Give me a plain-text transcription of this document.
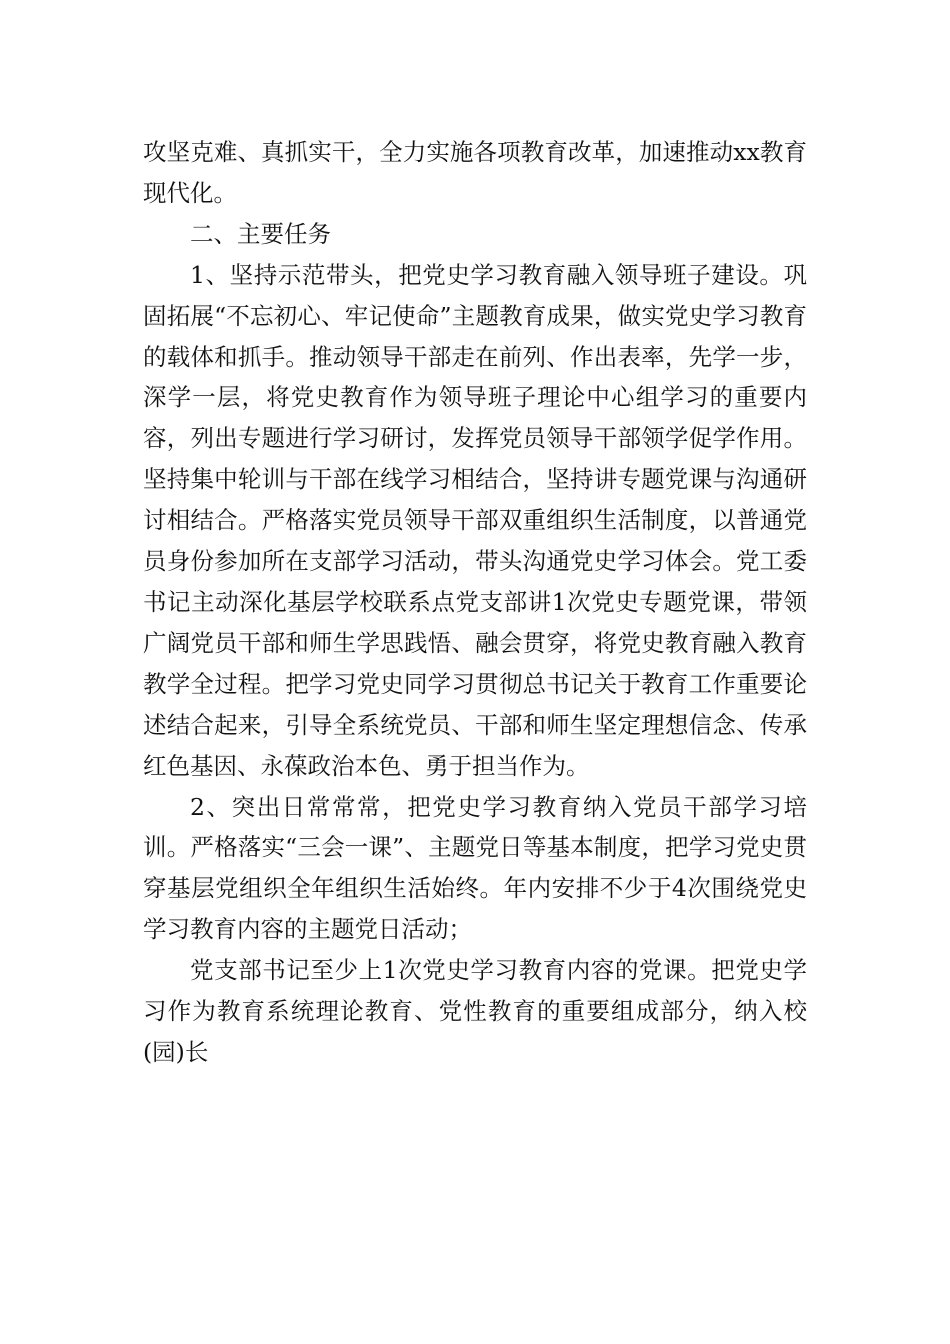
攻坚克难、真抓实干，全力实施各项教育改革，加速推动xx教育现代化。

二、主要任务

1、坚持示范带头，把党史学习教育融入领导班子建设。巩固拓展“不忘初心、牢记使命”主题教育成果，做实党史学习教育的载体和抓手。推动领导干部走在前列、作出表率，先学一步，深学一层，将党史教育作为领导班子理论中心组学习的重要内容，列出专题进行学习研讨，发挥党员领导干部领学促学作用。坚持集中轮训与干部在线学习相结合，坚持讲专题党课与沟通研讨相结合。严格落实党员领导干部双重组织生活制度，以普通党员身份参加所在支部学习活动，带头沟通党史学习体会。党工委书记主动深化基层学校联系点党支部讲1次党史专题党课，带领广阔党员干部和师生学思践悟、融会贯穿，将党史教育融入教育教学全过程。把学习党史同学习贯彻总书记关于教育工作重要论述结合起来，引导全系统党员、干部和师生坚定理想信念、传承红色基因、永葆政治本色、勇于担当作为。

2、突出日常常常，把党史学习教育纳入党员干部学习培训。严格落实“三会一课”、主题党日等基本制度，把学习党史贯穿基层党组织全年组织生活始终。年内安排不少于4次围绕党史学习教育内容的主题党日活动；

党支部书记至少上1次党史学习教育内容的党课。把党史学习作为教育系统理论教育、党性教育的重要组成部分，纳入校(园)长
